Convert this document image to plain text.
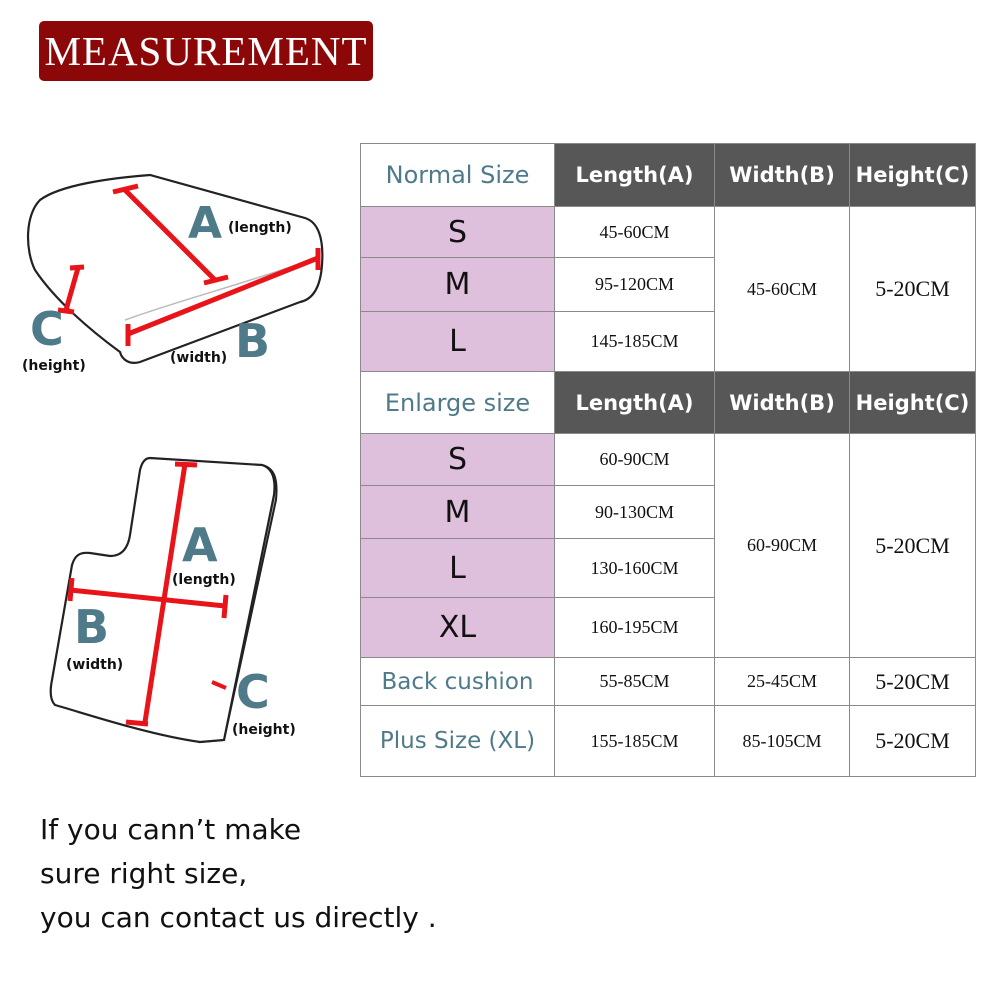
MEASUREMENT
A (length)
B
(width)
C
(height)
A
(length)
B
(width) C
(height)
Normal Size	Length(A)	Width(B)	Height(C)
S	45-60CM	45-60CM	5-20CM
M	95-120CM		
L	145-185CM		
Enlarge size	Length(A)	Width(B)	Height(C)
S	60-90CM	60-90CM	5-20CM
M	90-130CM		
L	130-160CM		
XL	160-195CM		
Back cushion	55-85CM	25-45CM	5-20CM
Plus Size (XL)	155-185CM	85-105CM	5-20CM
If you cann’t make
sure right size,
you can contact us directly .
